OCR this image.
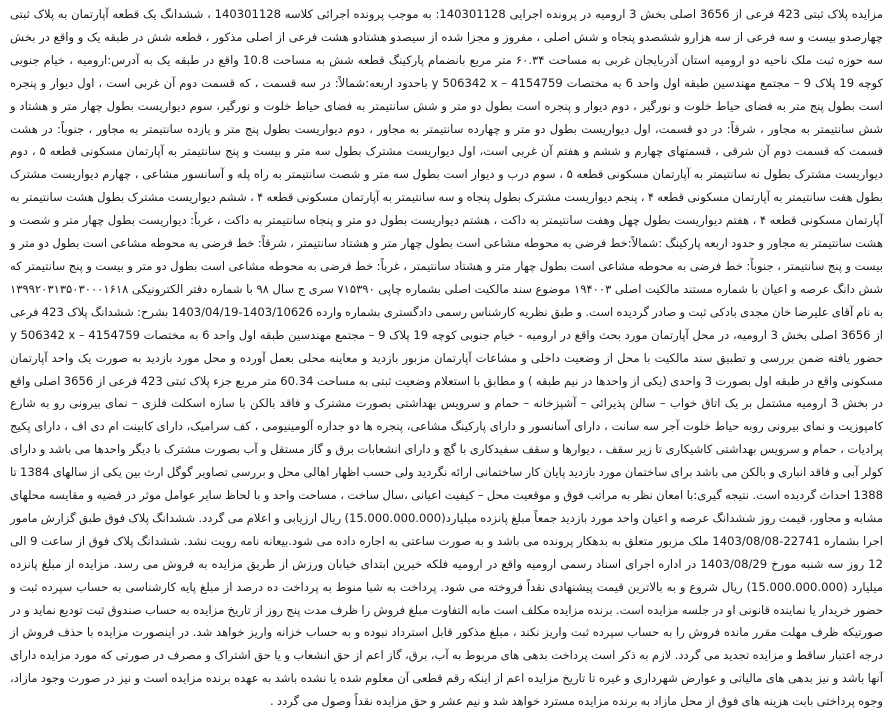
مزایده پلاک ثبتی 423 فرعی از 3656 اصلی بخش 3 ارومیه در پرونده اجرایی 140301128: به موجب پرونده اجرائی کلاسه 140301128 ، ششدانگ یک قطعه آپارتمان به پلاک ثبتی چهارصدو بیست و سه فرعی از سه هزارو ششصدو پنجاه و شش اصلی ، مفروز و مجزا شده از سیصدو هشتادو هشت فرعی از اصلی مذکور ، قطعه شش در طبقه یک و واقع در بخش سه حوزه ثبت ملک ناحیه دو ارومیه استان آذربایجان غربی به مساحت ۶۰.۳۴ متر مربع بانضمام پارکینگ قطعه شش به مساحت 10.8 واقع در طبقه یک به آدرس:ارومیه ، خیام جنوبی کوچه 19 پلاک 9 – مجتمع مهندسین طبقه اول واحد 6 به مختصات 4154759 – y 506342 x باحدود اربعه:شمالاً: در سه قسمت ، که قسمت دوم آن غربی است ، اول دیوار و پنجره است بطول پنج متر به فضای حیاط خلوت و نورگیر ، دوم دیوار و پنجره است بطول دو متر و شش سانتیمتر به فضای حیاط خلوت و نورگیر، سوم دیواریست بطول چهار متر و هشتاد و شش سانتیمتر به مجاور ، شرقاً: در دو قسمت، اول دیواریست بطول دو متر و چهارده سانتیمتر به مجاور ، دوم دیواریست بطول پنج متر و یازده سانتیمتر به مجاور ، جنوباً: در هشت قسمت که قسمت دوم آن شرقی ، قسمتهای چهارم و ششم و هفتم آن غربی است، اول دیواریست مشترک بطول سه متر و بیست و پنج سانتیمتر به آپارتمان مسکونی قطعه ۵ ، دوم دیواریست مشترک بطول نه سانتیمتر به آپارتمان مسکونی قطعه ۵ ، سوم درب و دیوار است بطول سه متر و شصت سانتیمتر به راه پله و آسانسور مشاعی ، چهارم دیواریست مشترک بطول هفت سانتیمتر به آپارتمان مسکونی قطعه ۴ ، پنجم دیواریست مشترک بطول پنجاه و سه سانتیمتر به آپارتمان مسکونی قطعه ۴ ، ششم دیواریست مشترک بطول هشت سانتیمتر به آپارتمان مسکونی قطعه ۴ ، هفتم دیواریست بطول چهل وهفت سانتیمتر به داکت ، هشتم دیواریست بطول دو متر و پنجاه سانتیمتر به داکت ، غرباً: دیواریست بطول چهار متر و شصت و هشت سانتیمتر به مجاور و حدود اربعه پارکینگ :شمالاً:خط فرضی به محوطه مشاعی است بطول چهار متر و هشتاد سانتیمتر ، شرقاً: خط فرضی به محوطه مشاعی است بطول دو متر و بیست و پنج سانتیمتر ، جنوباً: خط فرضی به محوطه مشاعی است بطول چهار متر و هشتاد سانتیمتر ، غرباً: خط فرضی به محوطه مشاعی است بطول دو متر و بیست و پنج سانتیمتر که شش دانگ عرصه و اعیان با شماره مستند مالکیت اصلی ۱۹۴۰۰۳ موضوع سند مالکیت اصلی بشماره چاپی ۷۱۵۳۹۰ سری ج سال ۹۸ با شماره دفتر الکترونیکی ۱۳۹۹۲۰۳۱۳۵۰۳۰۰۰۱۶۱۸ به نام آقای علیرضا خان مجدی بادکی ثبت و صادر گردیده است. و طبق نظریه کارشناس رسمی دادگستری بشماره وارده 1403/10626-1403/04/19 بشرح: ششدانگ پلاک 423 فرعی از 3656 اصلی بخش 3 ارومیه، در محل آپارتمان مورد بحث واقع در ارومیه - خیام جنوبی کوچه 19 پلاک 9 – مجتمع مهندسین طبقه اول واحد 6 به مختصات 4154759 – y 506342 x حضور یافته ضمن بررسی و تطبیق سند مالکیت با محل از وضعیت داخلی و مشاعات آپارتمان مزبور بازدید و معاینه محلی بعمل آورده و محل مورد بازدید به صورت یک واحد آپارتمان مسکونی واقع در طبقه اول بصورت 3 واحدی (یکی از واحدها در نیم طبقه ) و مطابق با استعلام وضعیت ثبتی به مساحت 60.34 متر مربع جزء پلاک ثبتی 423 فرعی از 3656 اصلی واقع در بخش 3 ارومیه مشتمل بر یک اتاق خواب – سالن پذیرائی – آشپزخانه – حمام و سرویس بهداشتی بصورت مشترک و فاقد بالکن با سازه اسکلت فلزی – نمای بیرونی رو به شارع کامپوزیت و نمای بیرونی روبه حیاط خلوت آجر سه سانت ، دارای آسانسور و دارای پارکینگ مشاعی، پنجره ها دو جداره آلومینیومی ، کف سرامیک، دارای کابینت ام دی اف ، دارای پکیج پرادیات ، حمام و سرویس بهداشتی کاشیکاری تا زیر سقف ، دیوارها و سقف سفیدکاری با گچ و دارای انشعابات برق و گاز مستقل و آب بصورت مشترک با دیگر واحدها می باشد و دارای کولر آبی و فاقد انباری و بالکن می باشد برای ساختمان مورد بازدید پایان کار ساختمانی ارائه نگردید ولی حسب اظهار اهالی محل و بررسی تصاویر گوگل ارث بین یکی از سالهای 1384 تا 1388 احداث گردیده است. نتیجه گیری:با امعان نظر به مراتب فوق و موقعیت محل – کیفیت اعیانی ،سال ساخت ، مساحت واحد و با لحاظ سایر عوامل موثر در قضیه و مقایسه محلهای مشابه و مجاور، قیمت روز ششدانگ عرصه و اعیان واحد مورد بازدید جمعاً مبلغ پانزده میلیارد(15.000.000.000) ریال ارزیابی و اعلام می گردد. ششدانگ پلاک فوق طبق گزارش مامور اجرا بشماره 22741-1403/08/08 ملک مزبور متعلق به بدهکار پرونده می باشد و به صورت ساعتی به اجاره داده می شود.بیعانه نامه رویت نشد. ششدانگ پلاک فوق از ساعت 9 الی 12 روز سه شنبه مورخ 1403/08/29 در اداره اجرای اسناد رسمی ارومیه واقع در ارومیه فلکه خیرین ابتدای خیابان ورزش از طریق مزایده به فروش می رسد. مزایده از مبلغ پانزده میلیارد (15.000.000.000) ریال شروع و به بالاترین قیمت پیشنهادی نقداً فروخته می شود. پرداخت به شبا منوط به پرداخت ده درصد از مبلغ پایه کارشناسی به حساب سپرده ثبت و حضور خریدار یا نماینده قانونی او در جلسه مزایده است. برنده مزایده مکلف است مابه التفاوت مبلغ فروش را ظرف مدت پنج روز از تاریخ مزایده به حساب صندوق ثبت تودیع نماید و در صورتیکه ظرف مهلت مقرر مانده فروش را به حساب سپرده ثبت واریز نکند ، مبلغ مذکور قابل استرداد نبوده و به حساب خزانه واریز خواهد شد. در اینصورت مزایده با حذف فروش از درجه اعتبار ساقط و مزایده تجدید می گردد. لازم به ذکر است پرداخت بدهی های مربوط به آب، برق، گاز اعم از حق انشعاب و یا حق اشتراک و مصرف در صورتی که مورد مزایده دارای آنها باشد و نیز بدهی های مالیاتی و عوارض شهرداری و غیره تا تاریخ مزایده اعم از اینکه رقم قطعی آن معلوم شده یا نشده باشد به عهده برنده مزایده است و نیز در صورت وجود مازاد، وجوه پرداختی بابت هزینه های فوق از محل مازاد به برنده مزایده مسترد خواهد شد و نیم عشر و حق مزایده نقداً وصول می گردد .
